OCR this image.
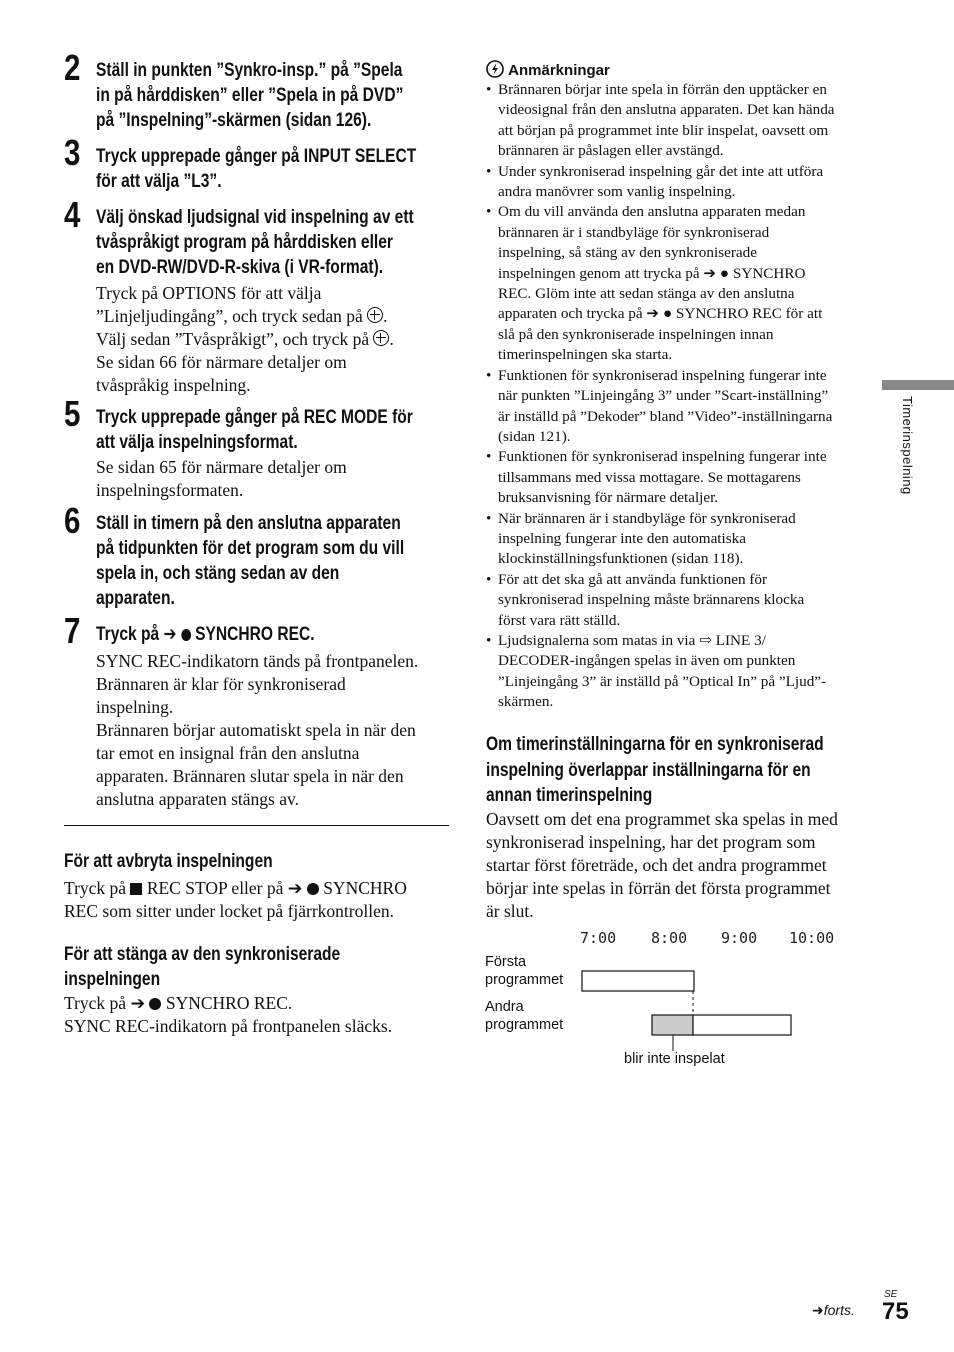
2 Ställ in punkten ”Synkro-insp.” på ”Spela
in på hårddisken” eller ”Spela in på DVD”
på ”Inspelning”-skärmen (sidan 126).
3 Tryck upprepade gånger på INPUT SELECT
för att välja ”L3”.
4 Välj önskad ljudsignal vid inspelning av ett
tvåspråkigt program på hårddisken eller
en DVD-RW/DVD-R-skiva (i VR-format).
Tryck på OPTIONS för att välja
”Linjeljudingång”, och tryck sedan på .
Välj sedan ”Tvåspråkigt”, och tryck på .
Se sidan 66 för närmare detaljer om
tvåspråkig inspelning.
5 Tryck upprepade gånger på REC MODE för
att välja inspelningsformat.
Se sidan 65 för närmare detaljer om
inspelningsformaten.
6 Ställ in timern på den anslutna apparaten
på tidpunkten för det program som du vill
spela in, och stäng sedan av den
apparaten.
7 Tryck på ➔ SYNCHRO REC.
SYNC REC-indikatorn tänds på frontpanelen.
Brännaren är klar för synkroniserad
inspelning.
Brännaren börjar automatiskt spela in när den
tar emot en insignal från den anslutna
apparaten. Brännaren slutar spela in när den
anslutna apparaten stängs av.
För att avbryta inspelningen
Tryck på REC STOP eller på ➔ SYNCHRO
REC som sitter under locket på fjärrkontrollen.
För att stänga av den synkroniserade
inspelningen
Tryck på ➔ SYNCHRO REC.
SYNC REC-indikatorn på frontpanelen släcks.
Anmärkningar
• Brännaren börjar inte spela in förrän den upptäcker en
videosignal från den anslutna apparaten. Det kan hända
att början på programmet inte blir inspelat, oavsett om
brännaren är påslagen eller avstängd.
• Under synkroniserad inspelning går det inte att utföra
andra manövrer som vanlig inspelning.
• Om du vill använda den anslutna apparaten medan
brännaren är i standbyläge för synkroniserad
inspelning, så stäng av den synkroniserade
inspelningen genom att trycka på ➔ ● SYNCHRO
REC. Glöm inte att sedan stänga av den anslutna
apparaten och trycka på ➔ ● SYNCHRO REC för att
slå på den synkroniserade inspelningen innan
timerinspelningen ska starta.
• Funktionen för synkroniserad inspelning fungerar inte
när punkten ”Linjeingång 3” under ”Scart-inställning”
är inställd på ”Dekoder” bland ”Video”-inställningarna
(sidan 121).
• Funktionen för synkroniserad inspelning fungerar inte
tillsammans med vissa mottagare. Se mottagarens
bruksanvisning för närmare detaljer.
• När brännaren är i standbyläge för synkroniserad
inspelning fungerar inte den automatiska
klockinställningsfunktionen (sidan 118).
• För att det ska gå att använda funktionen för
synkroniserad inspelning måste brännarens klocka
först vara rätt ställd.
• Ljudsignalerna som matas in via ⇨ LINE 3/
DECODER-ingången spelas in även om punkten
”Linjeingång 3” är inställd på ”Optical In” på ”Ljud”-
skärmen.
Om timerinställningarna för en synkroniserad
inspelning överlappar inställningarna för en
annan timerinspelning
Oavsett om det ena programmet ska spelas in med
synkroniserad inspelning, har det program som
startar först företräde, och det andra programmet
börjar inte spelas in förrän det första programmet
är slut.
7:00 8:00 9:00 10:00
Första
programmet
Andra
programmet
blir inte inspelat
Timerinspelning
➜forts.
SE
75
